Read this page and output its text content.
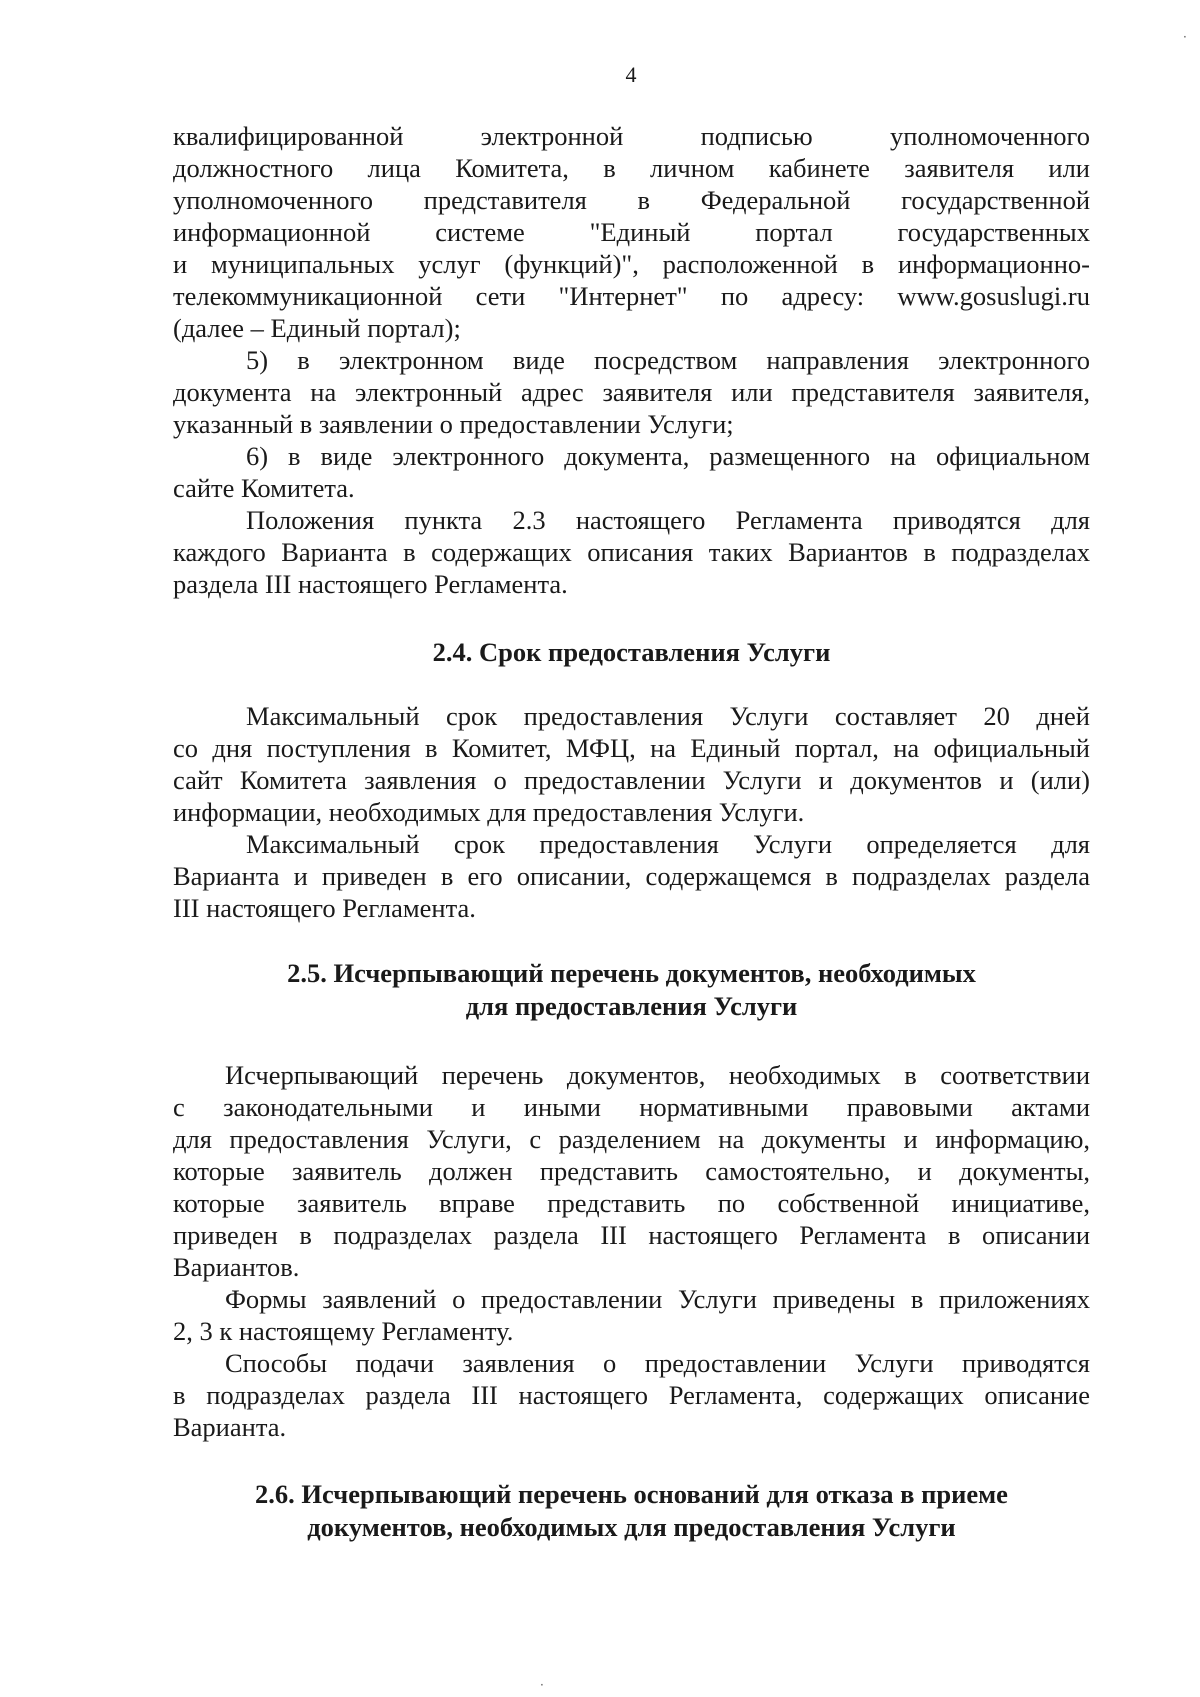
4

квалифицированной электронной подписью уполномоченного

должностного лица Комитета, в личном кабинете заявителя или

уполномоченного представителя в Федеральной государственной

информационной системе "Единый портал государственных

и муниципальных услуг (функций)", расположенной в информационно-

телекоммуникационной сети "Интернет" по адресу: www.gosuslugi.ru

(далее – Единый портал);

5) в электронном виде посредством направления электронного

документа на электронный адрес заявителя или представителя заявителя,

указанный в заявлении о предоставлении Услуги;

6) в виде электронного документа, размещенного на официальном

сайте Комитета.

Положения пункта 2.3 настоящего Регламента приводятся для

каждого Варианта в содержащих описания таких Вариантов в подразделах

раздела III настоящего Регламента.

2.4. Срок предоставления Услуги

Максимальный срок предоставления Услуги составляет 20 дней

со дня поступления в Комитет, МФЦ, на Единый портал, на официальный

сайт Комитета заявления о предоставлении Услуги и документов и (или)

информации, необходимых для предоставления Услуги.

Максимальный срок предоставления Услуги определяется для

Варианта и приведен в его описании, содержащемся в подразделах раздела

III настоящего Регламента.

2.5. Исчерпывающий перечень документов, необходимых
для предоставления Услуги

Исчерпывающий перечень документов, необходимых в соответствии

с законодательными и иными нормативными правовыми актами

для предоставления Услуги, с разделением на документы и информацию,

которые заявитель должен представить самостоятельно, и документы,

которые заявитель вправе представить по собственной инициативе,

приведен в подразделах раздела III настоящего Регламента в описании

Вариантов.

Формы заявлений о предоставлении Услуги приведены в приложениях

2, 3 к настоящему Регламенту.

Способы подачи заявления о предоставлении Услуги приводятся

в подразделах раздела III настоящего Регламента, содержащих описание

Варианта.

2.6. Исчерпывающий перечень оснований для отказа в приеме
документов, необходимых для предоставления Услуги
·
·
